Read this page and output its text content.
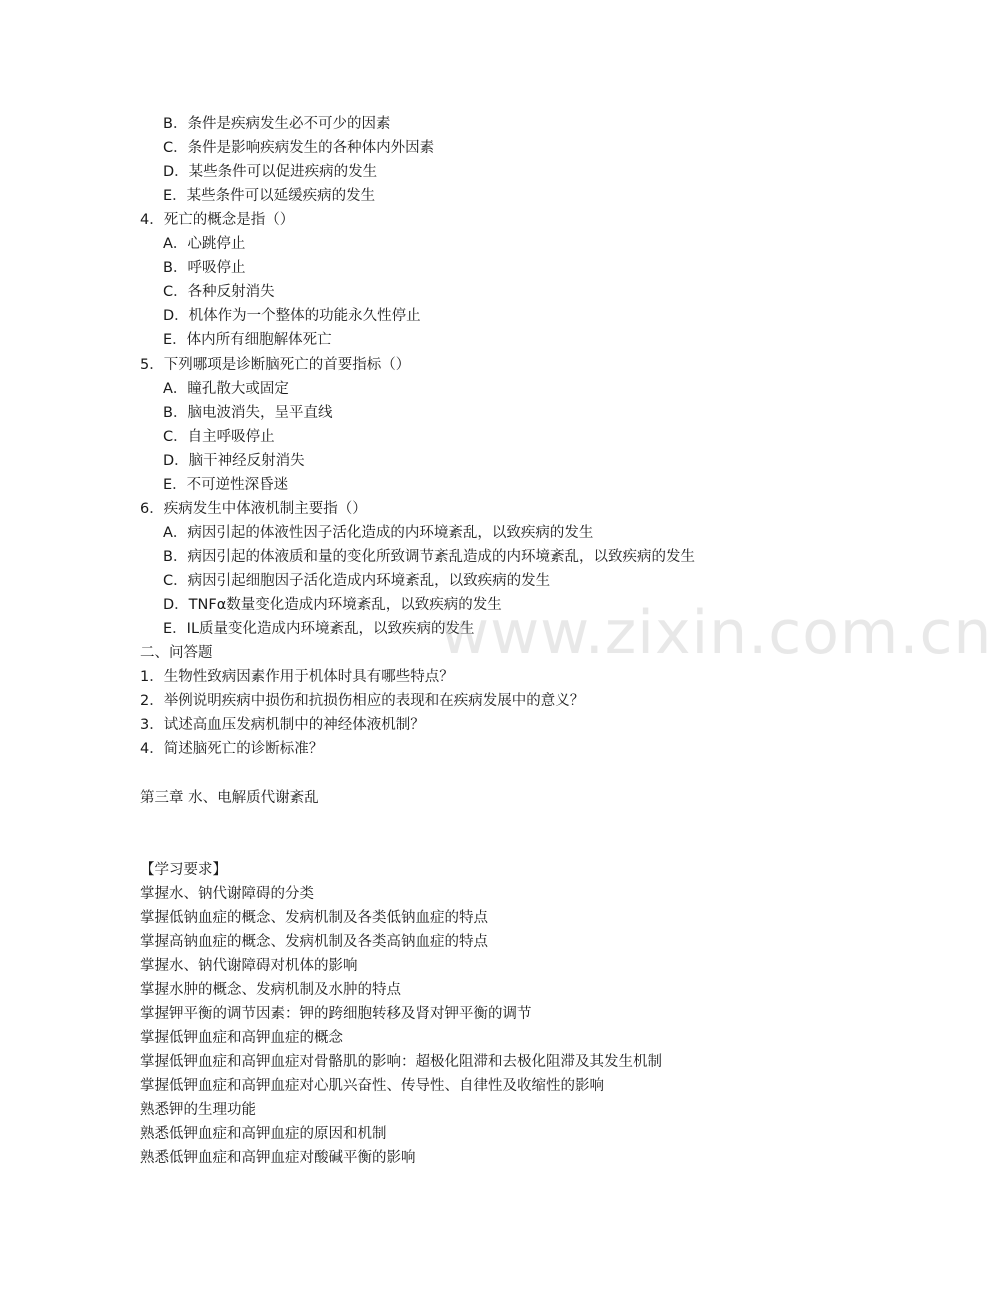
B．条件是疾病发生必不可少的因素
C．条件是影响疾病发生的各种体内外因素
D．某些条件可以促进疾病的发生
E．某些条件可以延缓疾病的发生
4．死亡的概念是指（）
A．心跳停止
B．呼吸停止
C．各种反射消失
D．机体作为一个整体的功能永久性停止
E．体内所有细胞解体死亡
5．下列哪项是诊断脑死亡的首要指标（）
A．瞳孔散大或固定
B．脑电波消失，呈平直线
C．自主呼吸停止
D．脑干神经反射消失
E．不可逆性深昏迷
6．疾病发生中体液机制主要指（）
A．病因引起的体液性因子活化造成的内环境紊乱，以致疾病的发生
B．病因引起的体液质和量的变化所致调节紊乱造成的内环境紊乱，以致疾病的发生
C．病因引起细胞因子活化造成内环境紊乱，以致疾病的发生
D．TNFα数量变化造成内环境紊乱，以致疾病的发生
E．IL质量变化造成内环境紊乱，以致疾病的发生
www.zixin.com.cn
二、问答题
1．生物性致病因素作用于机体时具有哪些特点？
2．举例说明疾病中损伤和抗损伤相应的表现和在疾病发展中的意义？
3．试述高血压发病机制中的神经体液机制？
4．简述脑死亡的诊断标准？
第三章 水、电解质代谢紊乱
【学习要求】
掌握水、钠代谢障碍的分类
掌握低钠血症的概念、发病机制及各类低钠血症的特点
掌握高钠血症的概念、发病机制及各类高钠血症的特点
掌握水、钠代谢障碍对机体的影响
掌握水肿的概念、发病机制及水肿的特点
掌握钾平衡的调节因素：钾的跨细胞转移及肾对钾平衡的调节
掌握低钾血症和高钾血症的概念
掌握低钾血症和高钾血症对骨骼肌的影响：超极化阻滞和去极化阻滞及其发生机制
掌握低钾血症和高钾血症对心肌兴奋性、传导性、自律性及收缩性的影响
熟悉钾的生理功能
熟悉低钾血症和高钾血症的原因和机制
熟悉低钾血症和高钾血症对酸碱平衡的影响
